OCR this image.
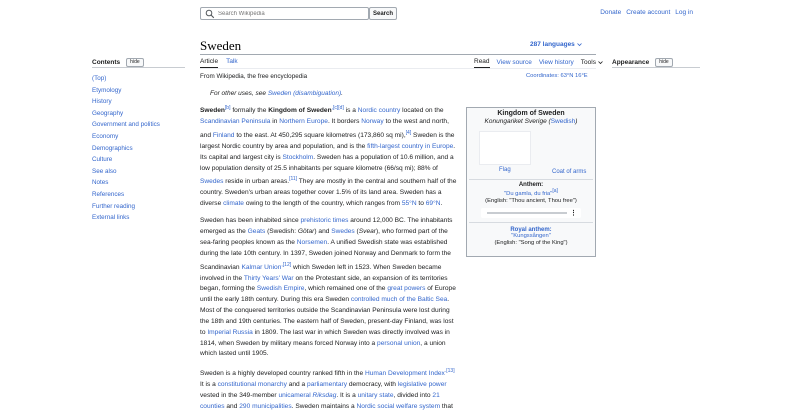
Search Wikipedia
Search	Donate Create account Log in
Sweden	287 languages
Article Talk	Read View source View history Tools
Contents	hide
(Top)
Etymology
History
Geography
Government and politics
Economy
Demographics
Culture
See also
Notes
References
Further reading
External links
Appearance	hide
From Wikipedia, the free encyclopedia	Coordinates: 63°N 16°E
For other uses, see Sweden (disambiguation).

Sweden[b] formally the Kingdom of Sweden$^{,[c][d]}$ is a Nordic country located on the Scandinavian Peninsula in Northern Europe. It borders Norway to the west and north, and Finland to the east. At 450,295 square kilometres (173,860 sq mi),[4] Sweden is the largest Nordic country by area and population, and is the fifth-largest country in Europe. Its capital and largest city is Stockholm. Sweden has a population of 10.6 million, and a low population density of 25.5 inhabitants per square kilometre (66/sq mi); 88% of Swedes reside in urban areas.[11] They are mostly in the central and southern half of the country. Sweden's urban areas together cover 1.5% of its land area. Sweden has a diverse climate owing to the length of the country, which ranges from 55°N to 69°N.

Sweden has been inhabited since prehistoric times around 12,000 BC. The inhabitants emerged as the Geats (Swedish: Götar) and Swedes (Svear), who formed part of the sea-faring peoples known as the Norsemen. A unified Swedish state was established during the late 10th century. In 1397, Sweden joined Norway and Denmark to form the Scandinavian Kalmar Union$^{,[12]}$ which Sweden left in 1523. When Sweden became involved in the Thirty Years' War on the Protestant side, an expansion of its territories began, forming the Swedish Empire, which remained one of the great powers of Europe until the early 18th century. During this era Sweden controlled much of the Baltic Sea. Most of the conquered territories outside the Scandinavian Peninsula were lost during the 18th and 19th centuries. The eastern half of Sweden, present-day Finland, was lost to Imperial Russia in 1809. The last war in which Sweden was directly involved was in 1814, when Sweden by military means forced Norway into a personal union, a union which lasted until 1905.

Sweden is a highly developed country ranked fifth in the Human Development Index$^{.[13]}$ It is a constitutional monarchy and a parliamentary democracy, with legislative power vested in the 349-member unicameral Riksdag. It is a unitary state, divided into 21 counties and 290 municipalities. Sweden maintains a Nordic social welfare system that

Kingdom of Sweden
Konungariket Sverige (Swedish)
Flag	Coat of arms
Anthem:
"Du gamla, du fria"[a]
(English: "Thou ancient, Thou free")
⋮
Royal anthem:
"Kungssången"
(English: "Song of the King")
